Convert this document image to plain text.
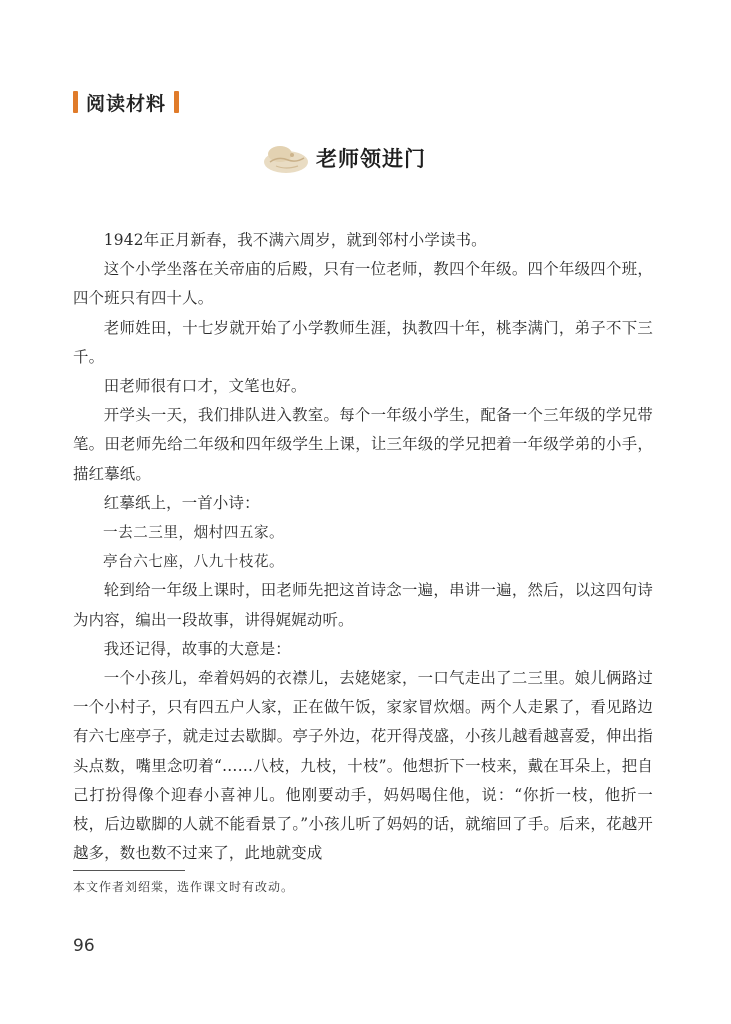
阅读材料
老师领进门

1942年正月新春，我不满六周岁，就到邻村小学读书。

这个小学坐落在关帝庙的后殿，只有一位老师，教四个年级。四个年级四个班，四个班只有四十人。

老师姓田，十七岁就开始了小学教师生涯，执教四十年，桃李满门，弟子不下三千。

田老师很有口才，文笔也好。

开学头一天，我们排队进入教室。每个一年级小学生，配备一个三年级的学兄带笔。田老师先给二年级和四年级学生上课，让三年级的学兄把着一年级学弟的小手，描红摹纸。

红摹纸上，一首小诗：

一去二三里，烟村四五家。

亭台六七座，八九十枝花。

轮到给一年级上课时，田老师先把这首诗念一遍，串讲一遍，然后，以这四句诗为内容，编出一段故事，讲得娓娓动听。

我还记得，故事的大意是：

一个小孩儿，牵着妈妈的衣襟儿，去姥姥家，一口气走出了二三里。娘儿俩路过一个小村子，只有四五户人家，正在做午饭，家家冒炊烟。两个人走累了，看见路边有六七座亭子，就走过去歇脚。亭子外边，花开得茂盛，小孩儿越看越喜爱，伸出指头点数，嘴里念叨着“……八枝，九枝，十枝”。他想折下一枝来，戴在耳朵上，把自己打扮得像个迎春小喜神儿。他刚要动手，妈妈喝住他，说：“你折一枝，他折一枝，后边歇脚的人就不能看景了。”小孩儿听了妈妈的话，就缩回了手。后来，花越开越多，数也数不过来了，此地就变成

本文作者刘绍棠，选作课文时有改动。
96
